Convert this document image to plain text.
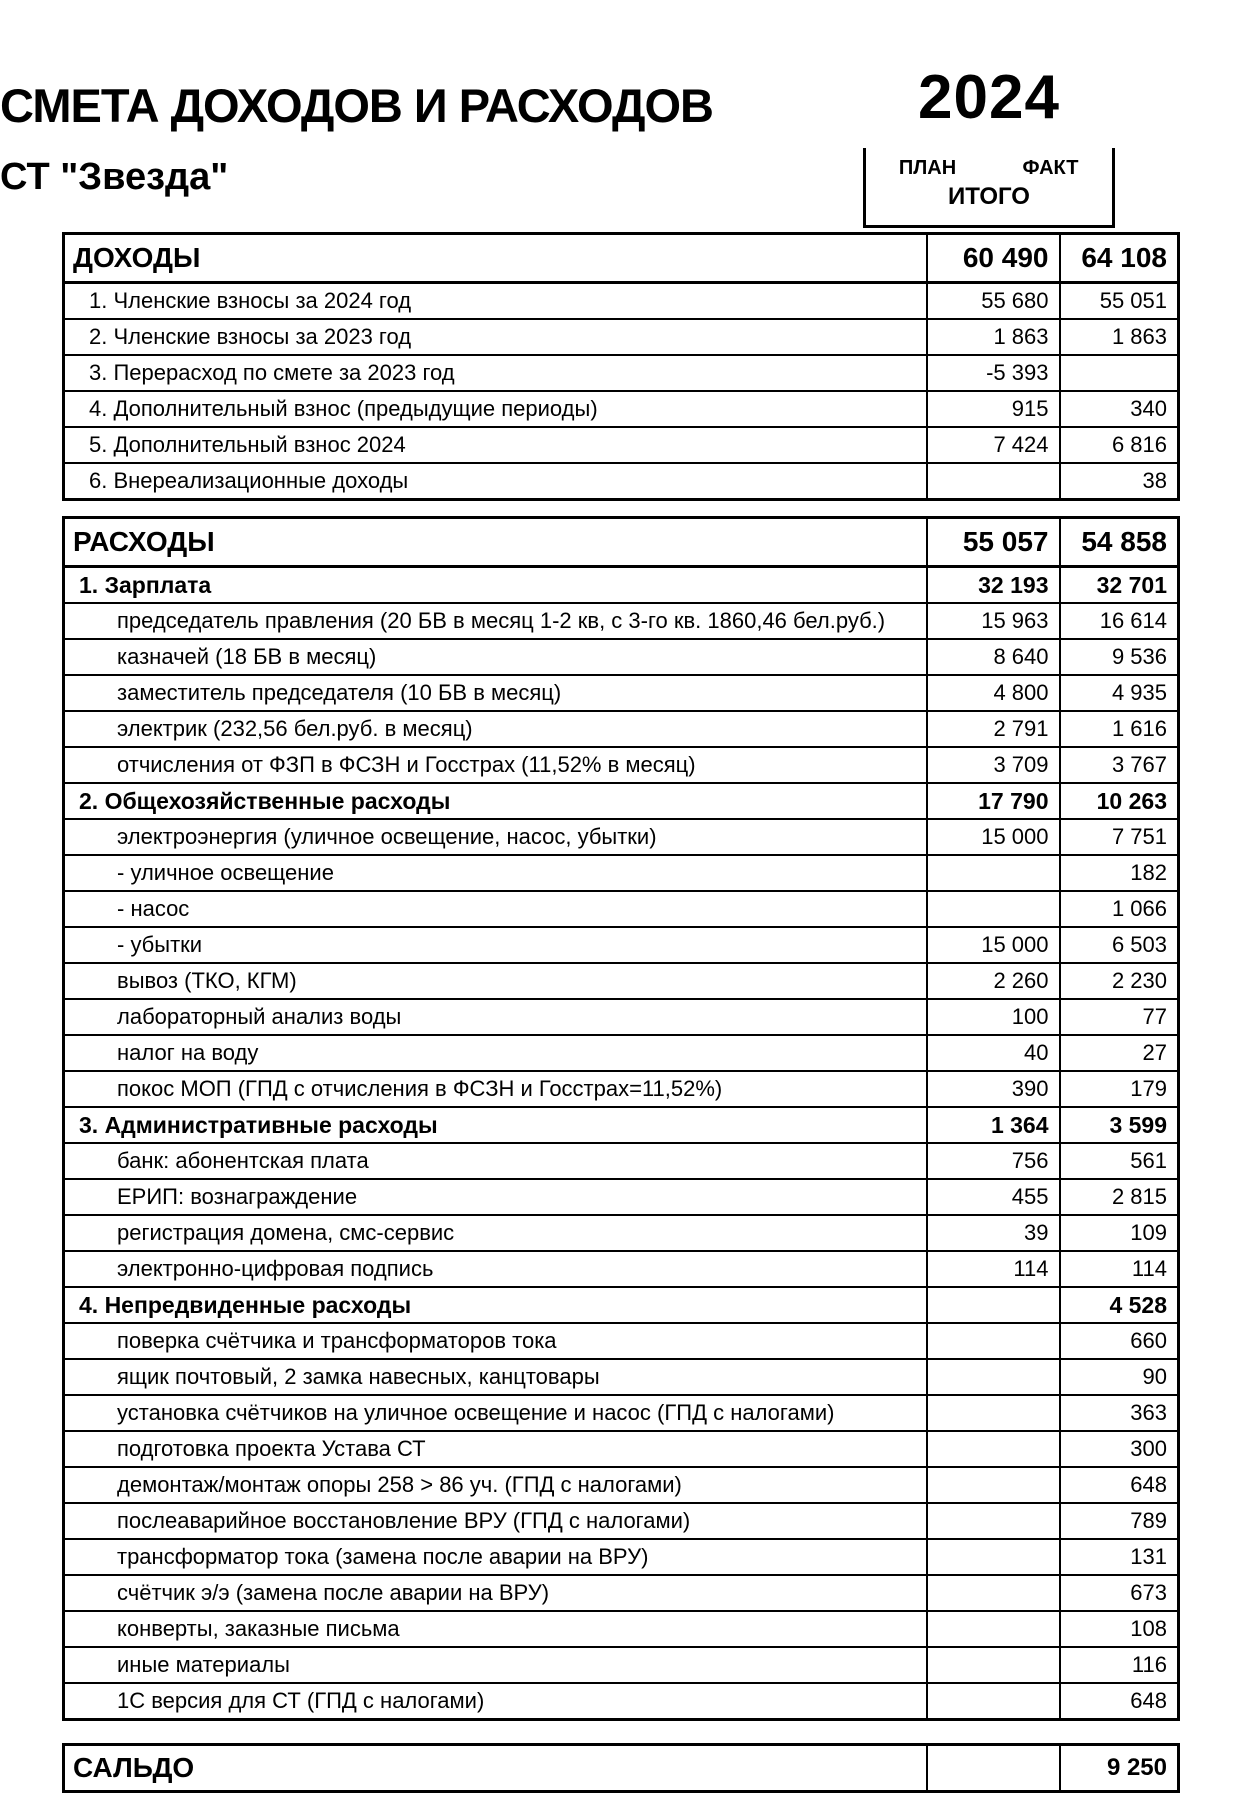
СМЕТА ДОХОДОВ И РАСХОДОВ	2024
СТ "Звезда"	ПЛАН	ФАКТ
ИТОГО
ДОХОДЫ	60 490	64 108
1. Членские взносы за 2024 год	55 680	55 051
2. Членские взносы за 2023 год	1 863	1 863
3. Перерасход по смете за 2023 год	-5 393	
4. Дополнительный взнос (предыдущие периоды)	915	340
5. Дополнительный взнос 2024	7 424	6 816
6. Внереализационные доходы		38
РАСХОДЫ	55 057	54 858
1. Зарплата	32 193	32 701
председатель правления (20 БВ в месяц 1-2 кв, с 3-го кв. 1860,46 бел.руб.)	15 963	16 614
казначей (18 БВ в месяц)	8 640	9 536
заместитель председателя (10 БВ в месяц)	4 800	4 935
электрик (232,56 бел.руб. в месяц)	2 791	1 616
отчисления от ФЗП в ФСЗН и Госстрах (11,52% в месяц)	3 709	3 767
2. Общехозяйственные расходы	17 790	10 263
электроэнергия (уличное освещение, насос, убытки)	15 000	7 751
- уличное освещение		182
- насос		1 066
- убытки	15 000	6 503
вывоз (ТКО, КГМ)	2 260	2 230
лабораторный анализ воды	100	77
налог на воду	40	27
покос МОП (ГПД с отчисления в ФСЗН и Госстрах=11,52%)	390	179
3. Административные расходы	1 364	3 599
банк: абонентская плата	756	561
ЕРИП: вознаграждение	455	2 815
регистрация домена, смс-сервис	39	109
электронно-цифровая подпись	114	114
4. Непредвиденные расходы		4 528
поверка счётчика и трансформаторов тока		660
ящик почтовый, 2 замка навесных, канцтовары		90
установка счётчиков на уличное освещение и насос (ГПД с налогами)		363
подготовка проекта Устава СТ		300
демонтаж/монтаж опоры 258 > 86 уч. (ГПД с налогами)		648
послеаварийное восстановление ВРУ (ГПД с налогами)		789
трансформатор тока (замена после аварии на ВРУ)		131
счётчик э/э (замена после аварии на ВРУ)		673
конверты, заказные письма		108
иные материалы		116
1С версия для СТ (ГПД с налогами)		648
САЛЬДО		9 250
